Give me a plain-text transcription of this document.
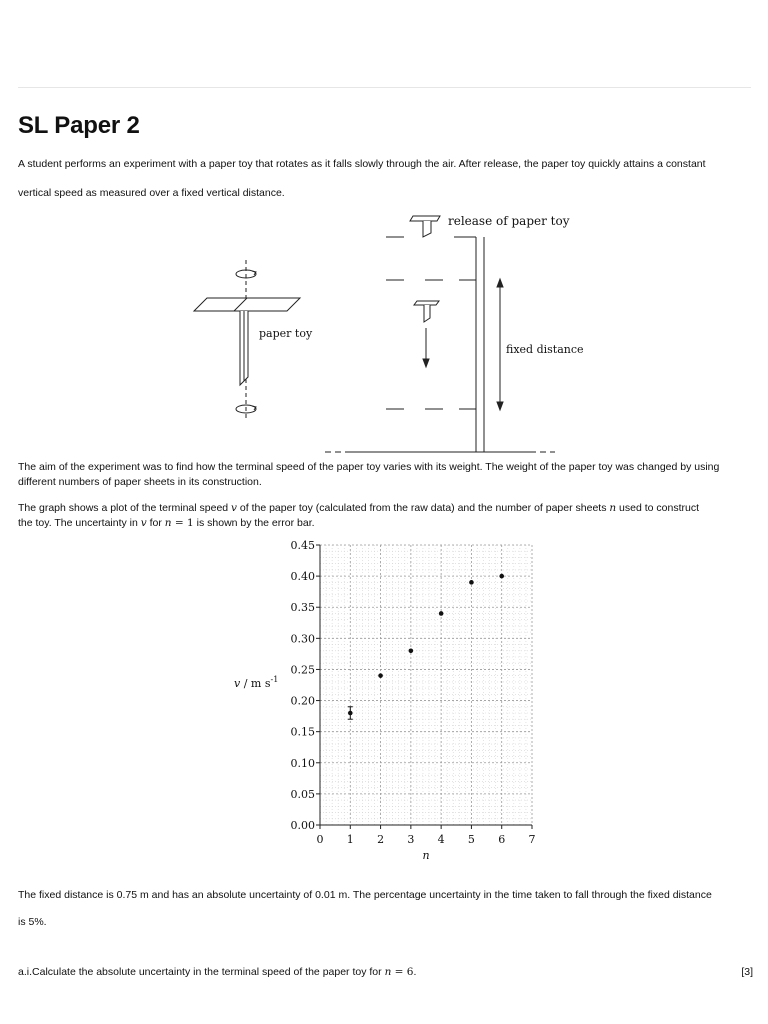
SL Paper 2

A student performs an experiment with a paper toy that rotates as it falls slowly through the air. After release, the paper toy quickly attains a constant

vertical speed as measured over a fixed vertical distance.

release of paper toy
paper toy
fixed distance

The aim of the experiment was to find how the terminal speed of the paper toy varies with its weight. The weight of the paper toy was changed by using different numbers of paper sheets in its construction.

The graph shows a plot of the terminal speed v of the paper toy (calculated from the raw data) and the number of paper sheets n used to construct
the toy. The uncertainty in v for n = 1 is shown by the error bar.

0.00
0.05
0.10
0.15
0.20
0.25
0.30
0.35
0.40
0.45
0 1 2 3 4 5 6 7
n
v / m $s^{-1}$

The fixed distance is 0.75 m and has an absolute uncertainty of 0.01 m. The percentage uncertainty in the time taken to fall through the fixed distance

is 5%.

a.i.Calculate the absolute uncertainty in the terminal speed of the paper toy for n = 6.	[3]
